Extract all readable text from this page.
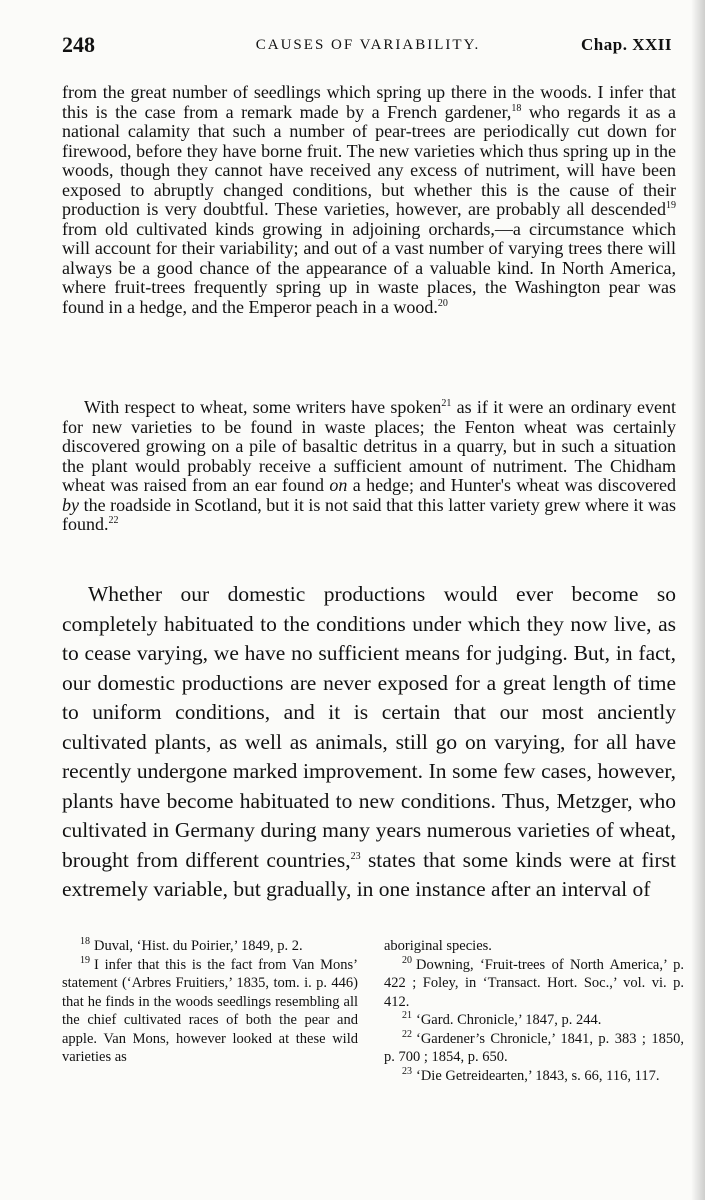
248	CAUSES OF VARIABILITY.	Chap. XXII

from the great number of seedlings which spring up there in the woods. I infer that this is the case from a remark made by a French gardener,$^{18}$ who regards it as a national calamity that such a number of pear-trees are periodically cut down for firewood, before they have borne fruit. The new varieties which thus spring up in the woods, though they cannot have received any excess of nutriment, will have been exposed to abruptly changed conditions, but whether this is the cause of their production is very doubtful. These varieties, however, are probably all descended$^{19}$ from old cultivated kinds growing in adjoining orchards,—a circumstance which will account for their variability; and out of a vast number of varying trees there will always be a good chance of the appearance of a valuable kind. In North America, where fruit-trees frequently spring up in waste places, the Washington pear was found in a hedge, and the Emperor peach in a wood.$^{20}$

With respect to wheat, some writers have spoken$^{21}$ as if it were an ordinary event for new varieties to be found in waste places; the Fenton wheat was certainly discovered growing on a pile of basaltic detritus in a quarry, but in such a situation the plant would probably receive a sufficient amount of nutriment. The Chidham wheat was raised from an ear found on a hedge; and Hunter's wheat was discovered by the roadside in Scotland, but it is not said that this latter variety grew where it was found.$^{22}$

Whether our domestic productions would ever become so completely habituated to the conditions under which they now live, as to cease varying, we have no sufficient means for judging. But, in fact, our domestic productions are never exposed for a great length of time to uniform conditions, and it is certain that our most anciently cultivated plants, as well as animals, still go on varying, for all have recently undergone marked improvement. In some few cases, however, plants have become habituated to new conditions. Thus, Metzger, who cultivated in Germany during many years numerous varieties of wheat, brought from different countries,$^{23}$ states that some kinds were at first extremely variable, but gradually, in one instance after an interval of

$^{18}$ Duval, ‘Hist. du Poirier,’ 1849, p. 2.

$^{19}$ I infer that this is the fact from Van Mons’ statement (‘Arbres Fruitiers,’ 1835, tom. i. p. 446) that he finds in the woods seedlings resembling all the chief cultivated races of both the pear and apple. Van Mons, however looked at these wild varieties as

aboriginal species.

$^{20}$ Downing, ‘Fruit-trees of North America,’ p. 422 ; Foley, in ‘Transact. Hort. Soc.,’ vol. vi. p. 412.

$^{21}$ ‘Gard. Chronicle,’ 1847, p. 244.

$^{22}$ ‘Gardener’s Chronicle,’ 1841, p. 383 ; 1850, p. 700 ; 1854, p. 650.

$^{23}$ ‘Die Getreidearten,’ 1843, s. 66, 116, 117.
